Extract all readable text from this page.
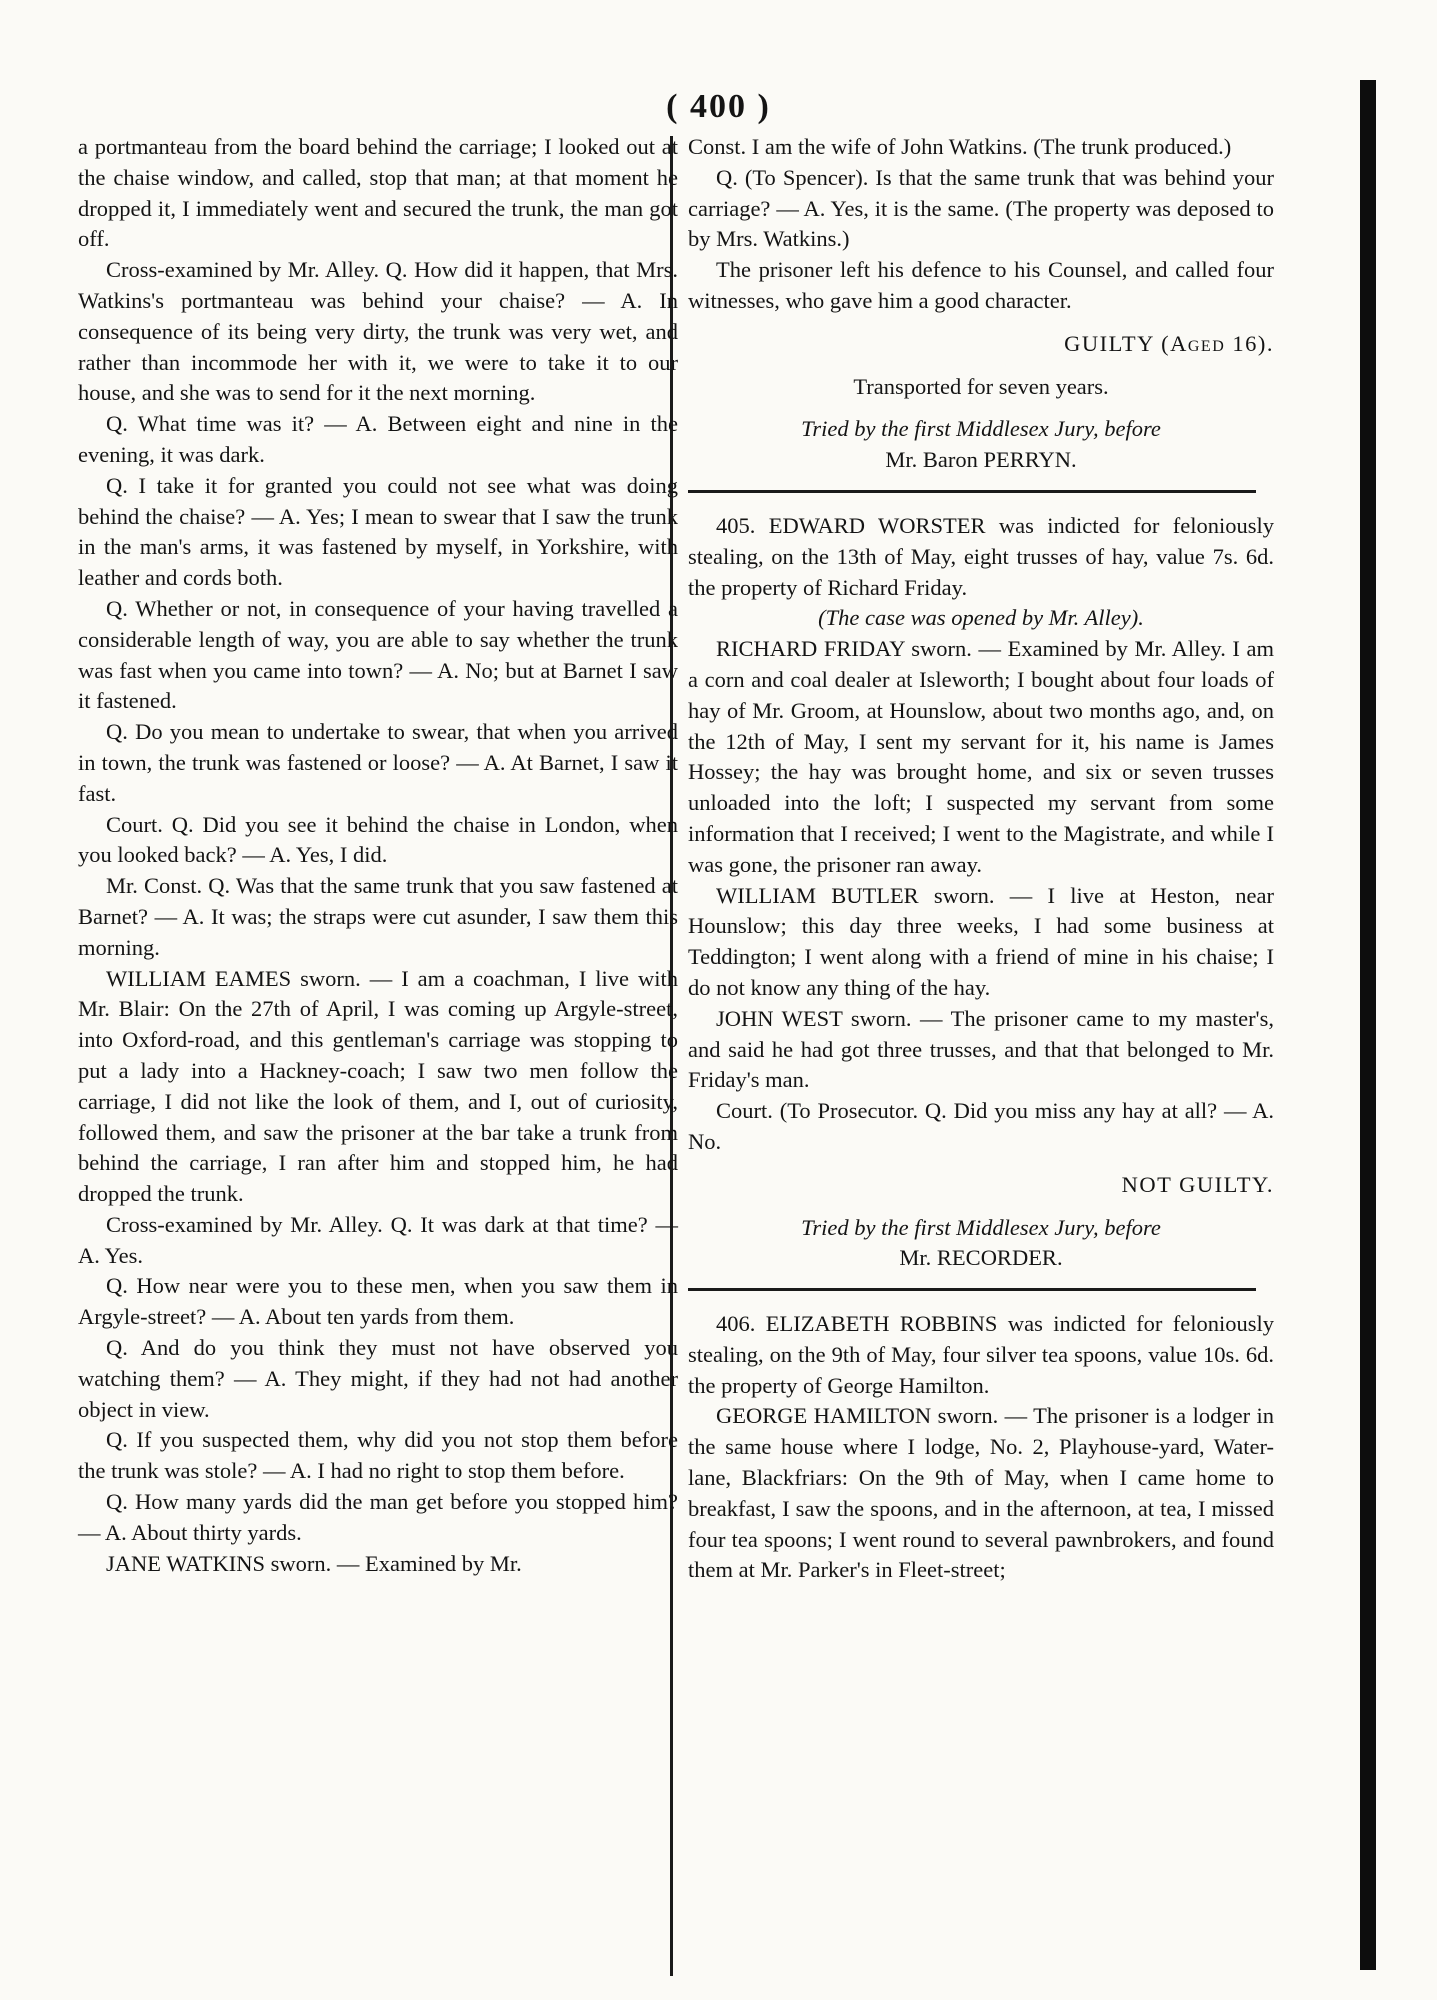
( 400 )

a portmanteau from the board behind the carriage; I looked out at the chaise window, and called, stop that man; at that moment he dropped it, I immediately went and secured the trunk, the man got off.

Cross-examined by Mr. Alley. Q. How did it happen, that Mrs. Watkins's portmanteau was behind your chaise? — A. In consequence of its being very dirty, the trunk was very wet, and rather than incommode her with it, we were to take it to our house, and she was to send for it the next morning.

Q. What time was it? — A. Between eight and nine in the evening, it was dark.

Q. I take it for granted you could not see what was doing behind the chaise? — A. Yes; I mean to swear that I saw the trunk in the man's arms, it was fastened by myself, in Yorkshire, with leather and cords both.

Q. Whether or not, in consequence of your having travelled a considerable length of way, you are able to say whether the trunk was fast when you came into town? — A. No; but at Barnet I saw it fastened.

Q. Do you mean to undertake to swear, that when you arrived in town, the trunk was fastened or loose? — A. At Barnet, I saw it fast.

Court. Q. Did you see it behind the chaise in London, when you looked back? — A. Yes, I did.

Mr. Const. Q. Was that the same trunk that you saw fastened at Barnet? — A. It was; the straps were cut asunder, I saw them this morning.

WILLIAM EAMES sworn. — I am a coachman, I live with Mr. Blair: On the 27th of April, I was coming up Argyle-street, into Oxford-road, and this gentleman's carriage was stopping to put a lady into a Hackney-coach; I saw two men follow the carriage, I did not like the look of them, and I, out of curiosity, followed them, and saw the prisoner at the bar take a trunk from behind the carriage, I ran after him and stopped him, he had dropped the trunk.

Cross-examined by Mr. Alley. Q. It was dark at that time? — A. Yes.

Q. How near were you to these men, when you saw them in Argyle-street? — A. About ten yards from them.

Q. And do you think they must not have observed you watching them? — A. They might, if they had not had another object in view.

Q. If you suspected them, why did you not stop them before the trunk was stole? — A. I had no right to stop them before.

Q. How many yards did the man get before you stopped him? — A. About thirty yards.

JANE WATKINS sworn. — Examined by Mr.

Const. I am the wife of John Watkins. (The trunk produced.)

Q. (To Spencer). Is that the same trunk that was behind your carriage? — A. Yes, it is the same. (The property was deposed to by Mrs. Watkins.)

The prisoner left his defence to his Counsel, and called four witnesses, who gave him a good character.

GUILTY (Aged 16).

Transported for seven years.

Tried by the first Middlesex Jury, before

Mr. Baron PERRYN.

405. EDWARD WORSTER was indicted for feloniously stealing, on the 13th of May, eight trusses of hay, value 7s. 6d. the property of Richard Friday.

(The case was opened by Mr. Alley).

RICHARD FRIDAY sworn. — Examined by Mr. Alley. I am a corn and coal dealer at Isleworth; I bought about four loads of hay of Mr. Groom, at Hounslow, about two months ago, and, on the 12th of May, I sent my servant for it, his name is James Hossey; the hay was brought home, and six or seven trusses unloaded into the loft; I suspected my servant from some information that I received; I went to the Magistrate, and while I was gone, the prisoner ran away.

WILLIAM BUTLER sworn. — I live at Heston, near Hounslow; this day three weeks, I had some business at Teddington; I went along with a friend of mine in his chaise; I do not know any thing of the hay.

JOHN WEST sworn. — The prisoner came to my master's, and said he had got three trusses, and that that belonged to Mr. Friday's man.

Court. (To Prosecutor. Q. Did you miss any hay at all? — A. No.

NOT GUILTY.

Tried by the first Middlesex Jury, before

Mr. RECORDER.

406. ELIZABETH ROBBINS was indicted for feloniously stealing, on the 9th of May, four silver tea spoons, value 10s. 6d. the property of George Hamilton.

GEORGE HAMILTON sworn. — The prisoner is a lodger in the same house where I lodge, No. 2, Playhouse-yard, Water-lane, Blackfriars: On the 9th of May, when I came home to breakfast, I saw the spoons, and in the afternoon, at tea, I missed four tea spoons; I went round to several pawnbrokers, and found them at Mr. Parker's in Fleet-street;
